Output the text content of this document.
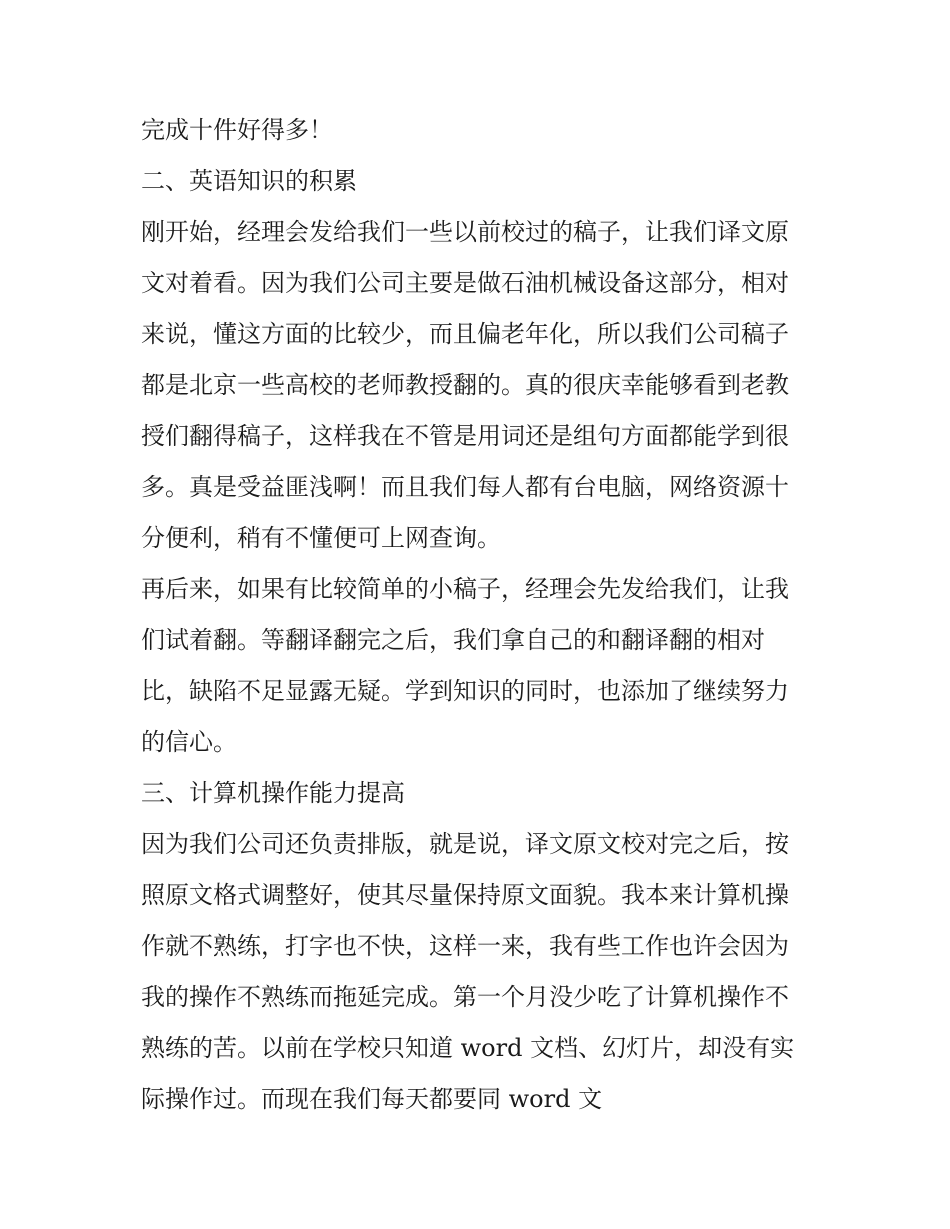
完成十件好得多！
二、英语知识的积累
刚开始，经理会发给我们一些以前校过的稿子，让我们译文原
文对着看。因为我们公司主要是做石油机械设备这部分，相对
来说，懂这方面的比较少，而且偏老年化，所以我们公司稿子
都是北京一些高校的老师教授翻的。真的很庆幸能够看到老教
授们翻得稿子，这样我在不管是用词还是组句方面都能学到很
多。真是受益匪浅啊！而且我们每人都有台电脑，网络资源十
分便利，稍有不懂便可上网查询。
再后来，如果有比较简单的小稿子，经理会先发给我们，让我
们试着翻。等翻译翻完之后，我们拿自己的和翻译翻的相对
比，缺陷不足显露无疑。学到知识的同时，也添加了继续努力
的信心。
三、计算机操作能力提高
因为我们公司还负责排版，就是说，译文原文校对完之后，按
照原文格式调整好，使其尽量保持原文面貌。我本来计算机操
作就不熟练，打字也不快，这样一来，我有些工作也许会因为
我的操作不熟练而拖延完成。第一个月没少吃了计算机操作不
熟练的苦。以前在学校只知道 word 文档、幻灯片，却没有实
际操作过。而现在我们每天都要同 word 文
